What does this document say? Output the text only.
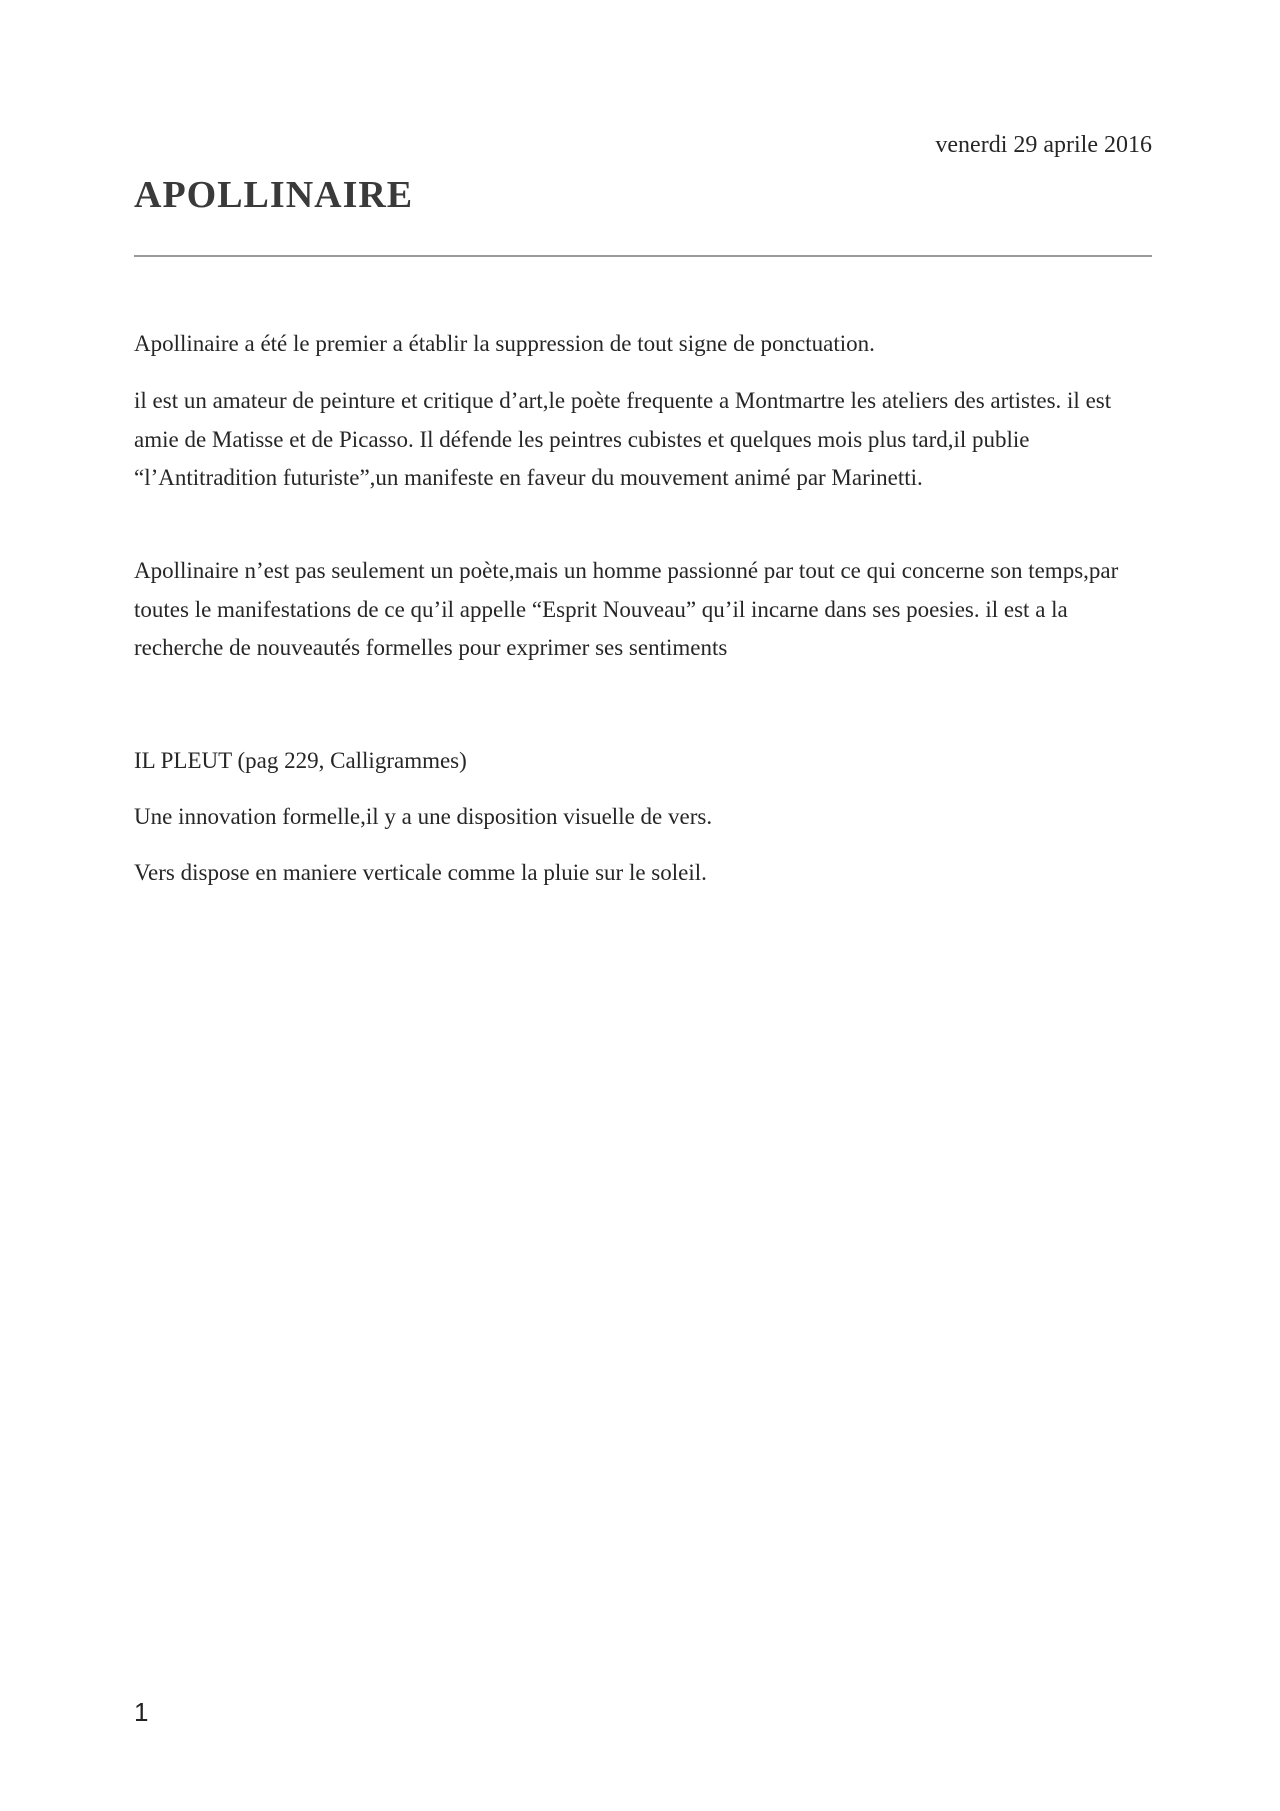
venerdi 29 aprile 2016
APOLLINAIRE

Apollinaire a été le premier a établir la suppression de tout signe de ponctuation.

il est un amateur de peinture et critique d’art,le poète frequente a Montmartre les ateliers des artistes. il est amie de Matisse et de Picasso. Il défende les peintres cubistes et quelques mois plus tard,il publie “l’Antitradition futuriste”,un manifeste en faveur du mouvement animé par Marinetti.

Apollinaire n’est pas seulement un poète,mais un homme passionné par tout ce qui concerne son temps,par toutes le manifestations de ce qu’il appelle “Esprit Nouveau” qu’il incarne dans ses poesies. il est a la recherche de nouveautés formelles pour exprimer ses sentiments

IL PLEUT (pag 229, Calligrammes)

Une innovation formelle,il y a une disposition visuelle de vers.

Vers dispose en maniere verticale comme la pluie sur le soleil.

1
